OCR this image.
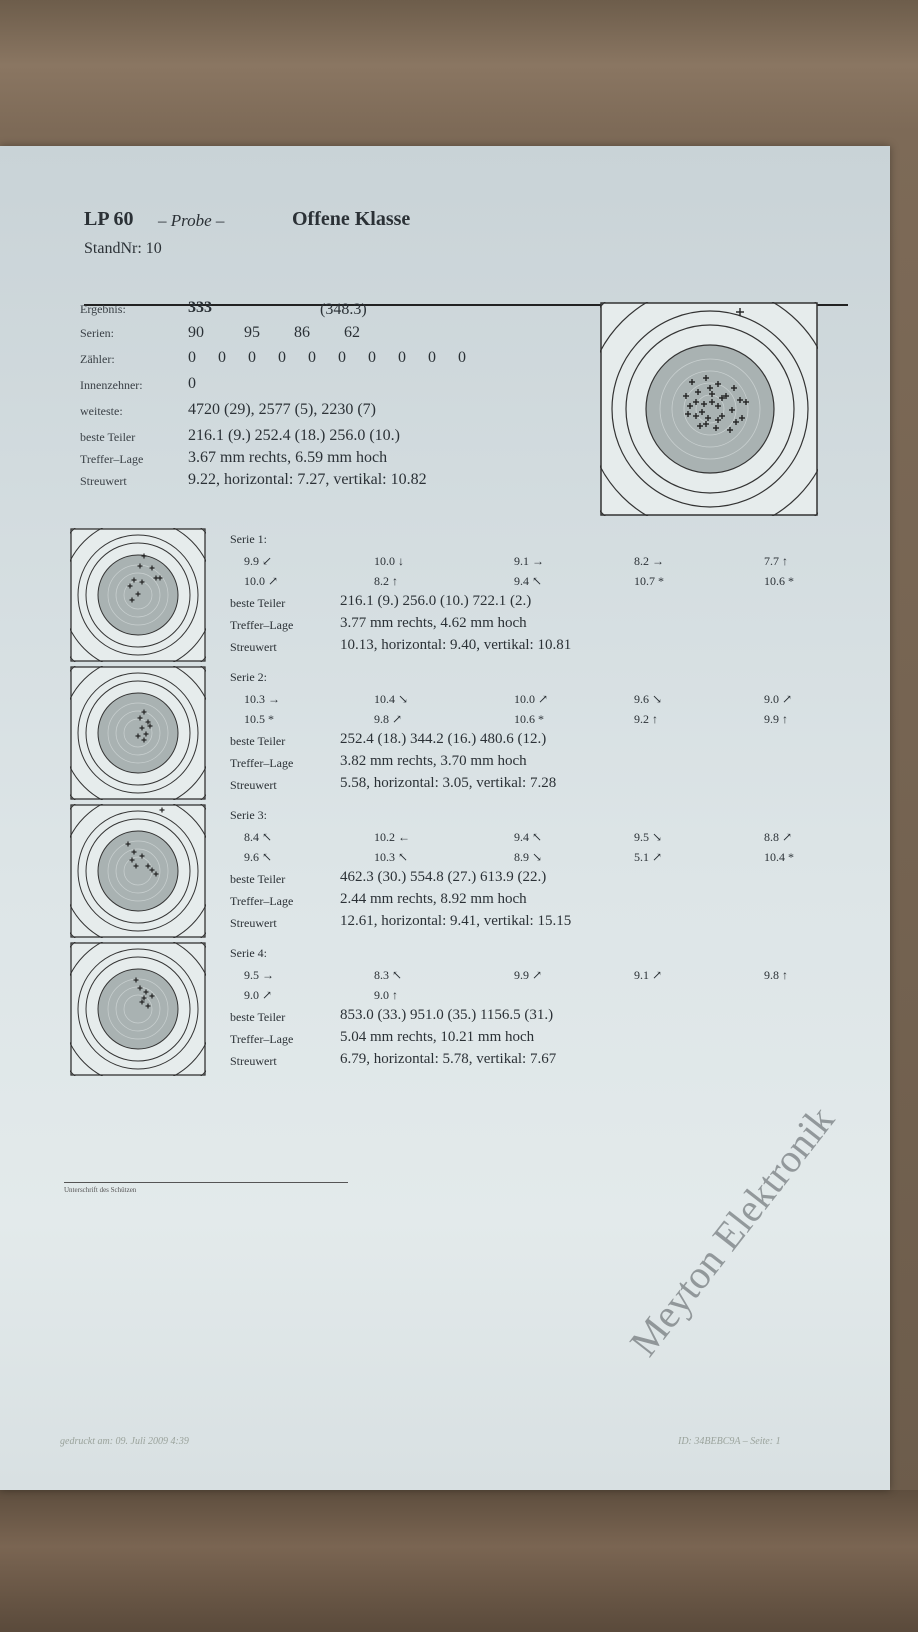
LP 60 – Probe –	Offene Klasse
StandNr: 10
Ergebnis:	333	(348.3)
Serien:	90	95 86 62
Zähler:	0 0 0 0 0 0 0 0 0 0
Innenzehner:	0
weiteste:	4720 (29), 2577 (5), 2230 (7)
beste Teiler	216.1 (9.) 252.4 (18.) 256.0 (10.)
Treffer–Lage	3.67 mm rechts, 6.59 mm hoch
Streuwert	9.22, horizontal: 7.27, vertikal: 10.82
Serie 1:
9.9 ↙	10.0 ↓	9.1 →	8.2 →	7.7 ↑
10.0 ↗	8.2 ↑	9.4 ↖	10.7 *	10.6 *
beste Teiler	216.1 (9.) 256.0 (10.) 722.1 (2.)
Treffer–Lage	3.77 mm rechts, 4.62 mm hoch
Streuwert	10.13, horizontal: 9.40, vertikal: 10.81
Serie 2:
10.3 →	10.4 ↘	10.0 ↗	9.6 ↘	9.0 ↗
10.5 *	9.8 ↗	10.6 *	9.2 ↑	9.9 ↑
beste Teiler	252.4 (18.) 344.2 (16.) 480.6 (12.)
Treffer–Lage	3.82 mm rechts, 3.70 mm hoch
Streuwert	5.58, horizontal: 3.05, vertikal: 7.28
Serie 3:
8.4 ↖	10.2 ←	9.4 ↖	9.5 ↘	8.8 ↗
9.6 ↖	10.3 ↖	8.9 ↘	5.1 ↗	10.4 *
beste Teiler	462.3 (30.) 554.8 (27.) 613.9 (22.)
Treffer–Lage	2.44 mm rechts, 8.92 mm hoch
Streuwert	12.61, horizontal: 9.41, vertikal: 15.15
Serie 4:
9.5 →	8.3 ↖	9.9 ↗	9.1 ↗	9.8 ↑
9.0 ↗	9.0 ↑
beste Teiler	853.0 (33.) 951.0 (35.) 1156.5 (31.)
Treffer–Lage	5.04 mm rechts, 10.21 mm hoch
Streuwert	6.79, horizontal: 5.78, vertikal: 7.67
Unterschrift des Schützen
gedruckt am: 09. Juli 2009 4:39	ID: 34BEBC9A – Seite: 1
Meyton Elektronik
